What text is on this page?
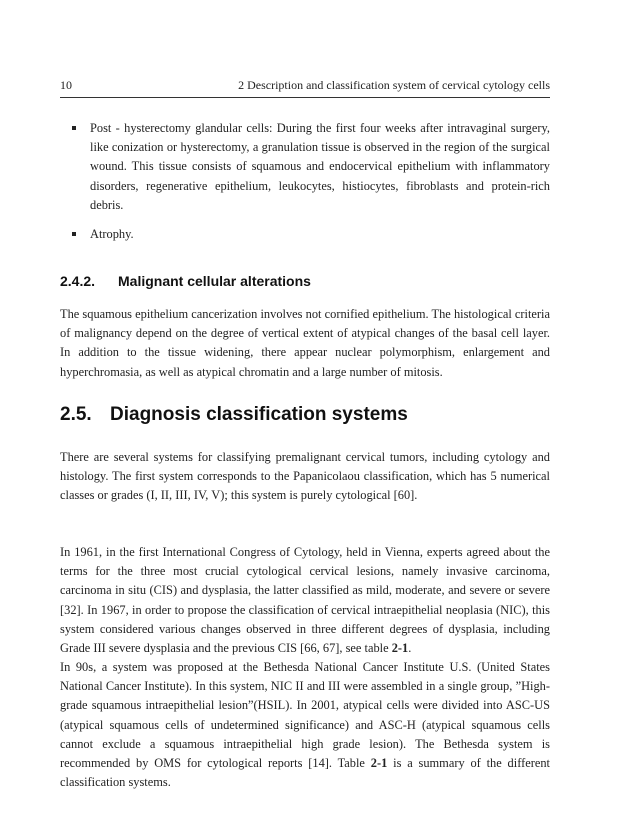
10	2 Description and classification system of cervical cytology cells
Post - hysterectomy glandular cells: During the first four weeks after intravaginal surgery, like conization or hysterectomy, a granulation tissue is observed in the region of the surgical wound. This tissue consists of squamous and endocervical epithelium with inflammatory disorders, regenerative epithelium, leukocytes, histiocytes, fibroblasts and protein-rich debris.
Atrophy.
2.4.2. Malignant cellular alterations
The squamous epithelium cancerization involves not cornified epithelium. The histological criteria of malignancy depend on the degree of vertical extent of atypical changes of the basal cell layer. In addition to the tissue widening, there appear nuclear polymorphism, enlargement and hyperchromasia, as well as atypical chromatin and a large number of mitosis.
2.5. Diagnosis classification systems
There are several systems for classifying premalignant cervical tumors, including cytology and histology. The first system corresponds to the Papanicolaou classification, which has 5 numerical classes or grades (I, II, III, IV, V); this system is purely cytological [60].
In 1961, in the first International Congress of Cytology, held in Vienna, experts agreed about the terms for the three most crucial cytological cervical lesions, namely invasive carcinoma, carcinoma in situ (CIS) and dysplasia, the latter classified as mild, moderate, and severe or severe [32]. In 1967, in order to propose the classification of cervical intraepithelial neoplasia (NIC), this system considered various changes observed in three different degrees of dysplasia, including Grade III severe dysplasia and the previous CIS [66, 67], see table 2-1.
In 90s, a system was proposed at the Bethesda National Cancer Institute U.S. (United States National Cancer Institute). In this system, NIC II and III were assembled in a single group, ”High-grade squamous intraepithelial lesion”(HSIL). In 2001, atypical cells were divided into ASC-US (atypical squamous cells of undetermined significance) and ASC-H (atypical squamous cells cannot exclude a squamous intraepithelial high grade lesion). The Bethesda system is recommended by OMS for cytological reports [14]. Table 2-1 is a summary of the different classification systems.
